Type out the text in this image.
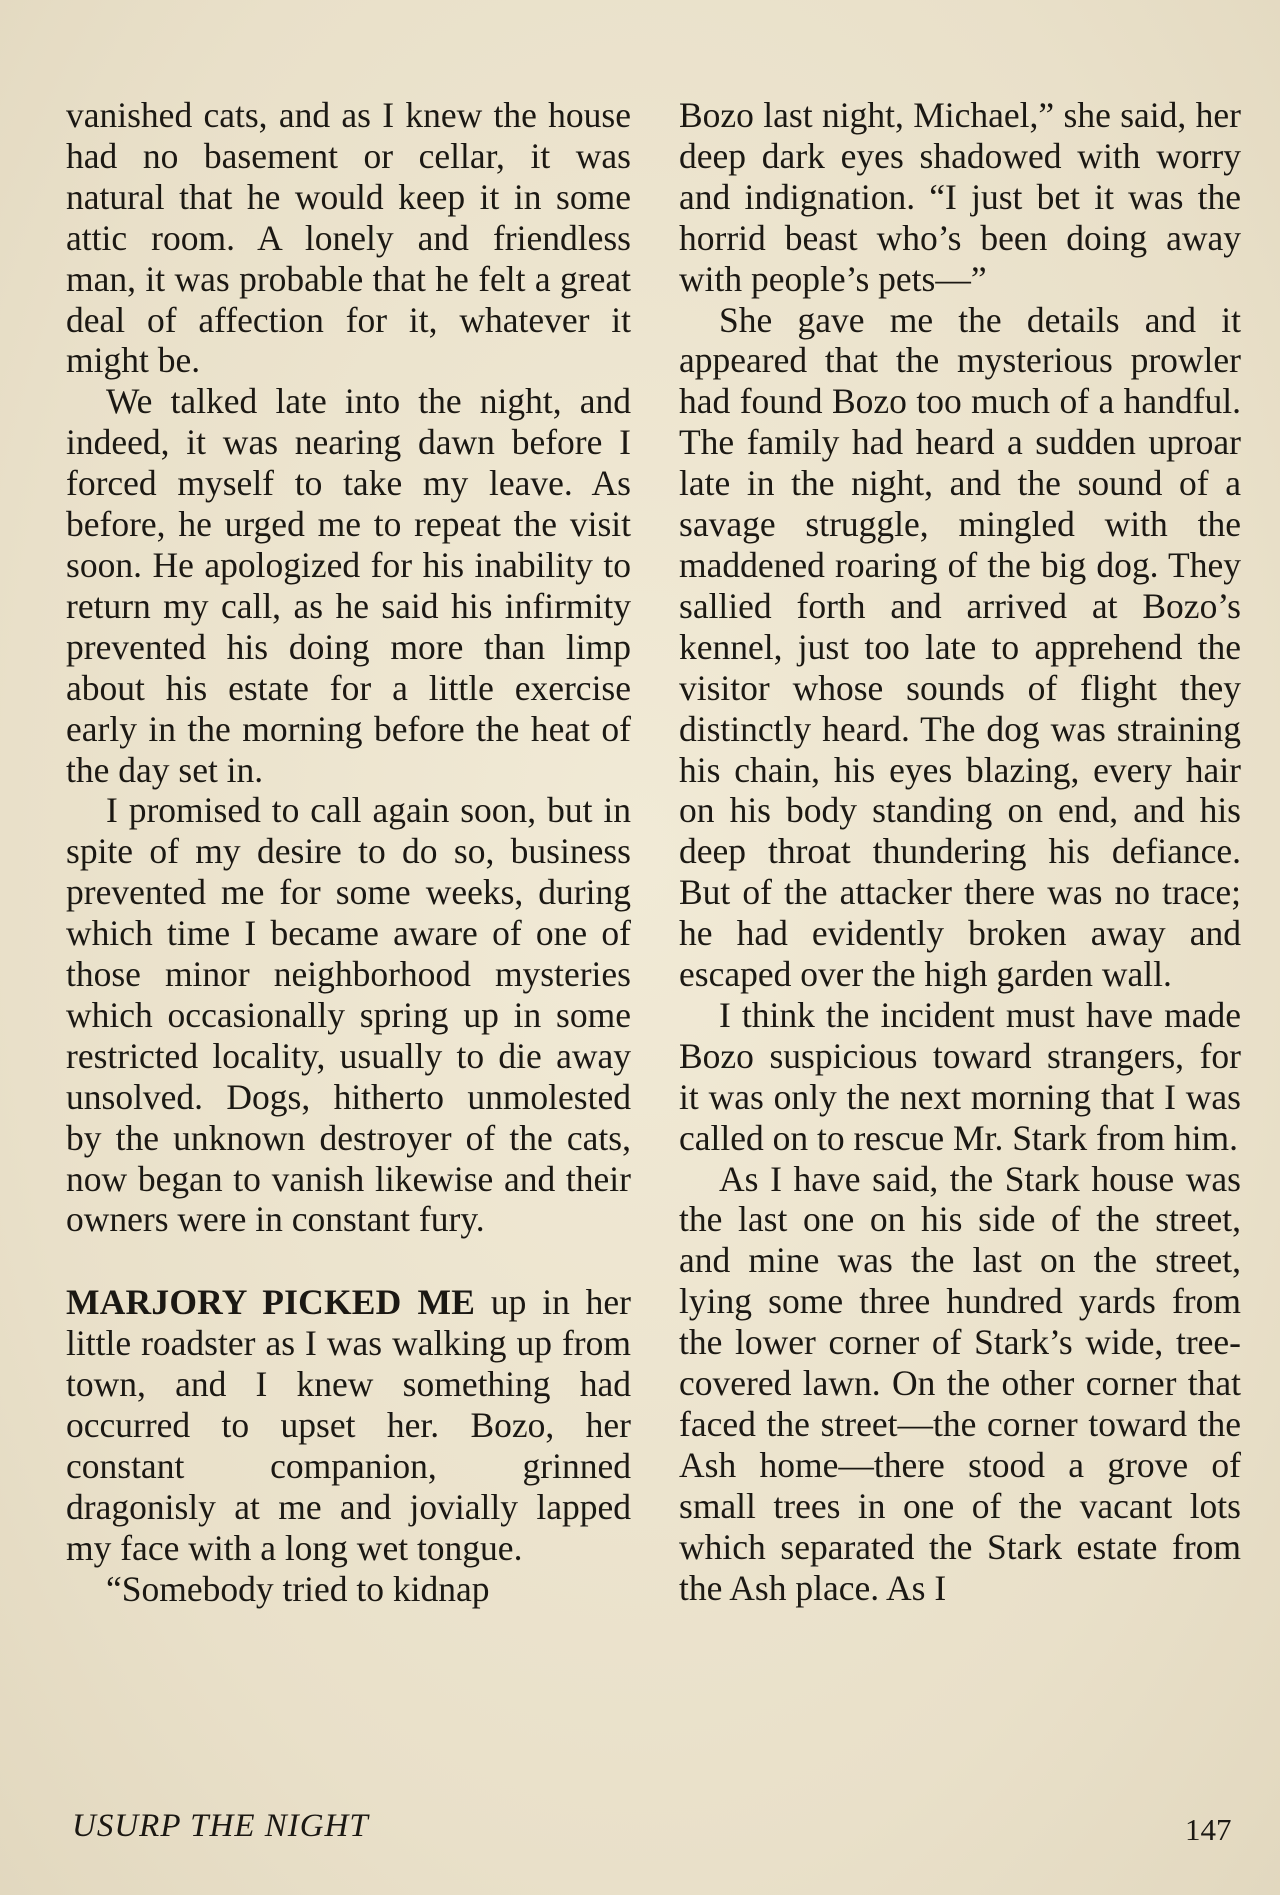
vanished cats, and as I knew the house had no basement or cellar, it was natural that he would keep it in some attic room. A lonely and friendless man, it was probable that he felt a great deal of affection for it, whatever it might be.

We talked late into the night, and indeed, it was nearing dawn before I forced myself to take my leave. As before, he urged me to repeat the visit soon. He apologized for his inability to return my call, as he said his infirmity prevented his doing more than limp about his estate for a little exercise early in the morning before the heat of the day set in.

I promised to call again soon, but in spite of my desire to do so, business prevented me for some weeks, during which time I became aware of one of those minor neighborhood mysteries which occasionally spring up in some restricted locality, usually to die away unsolved. Dogs, hitherto unmolested by the unknown destroyer of the cats, now began to vanish likewise and their owners were in constant fury.

MARJORY PICKED ME up in her little roadster as I was walking up from town, and I knew something had occurred to upset her. Bozo, her constant companion, grinned dragonisly at me and jovially lapped my face with a long wet tongue.

“Somebody tried to kidnap

Bozo last night, Michael,” she said, her deep dark eyes shadowed with worry and indignation. “I just bet it was the horrid beast who’s been doing away with people’s pets—”

She gave me the details and it appeared that the mysterious prowler had found Bozo too much of a handful. The family had heard a sudden uproar late in the night, and the sound of a savage struggle, mingled with the maddened roaring of the big dog. They sallied forth and arrived at Bozo’s kennel, just too late to apprehend the visitor whose sounds of flight they distinctly heard. The dog was straining his chain, his eyes blazing, every hair on his body standing on end, and his deep throat thundering his defiance. But of the attacker there was no trace; he had evidently broken away and escaped over the high garden wall.

I think the incident must have made Bozo suspicious toward strangers, for it was only the next morning that I was called on to rescue Mr. Stark from him.

As I have said, the Stark house was the last one on his side of the street, and mine was the last on the street, lying some three hundred yards from the lower corner of Stark’s wide, tree-covered lawn. On the other corner that faced the street—the corner toward the Ash home—there stood a grove of small trees in one of the vacant lots which separated the Stark estate from the Ash place. As I

USURP THE NIGHT	147
